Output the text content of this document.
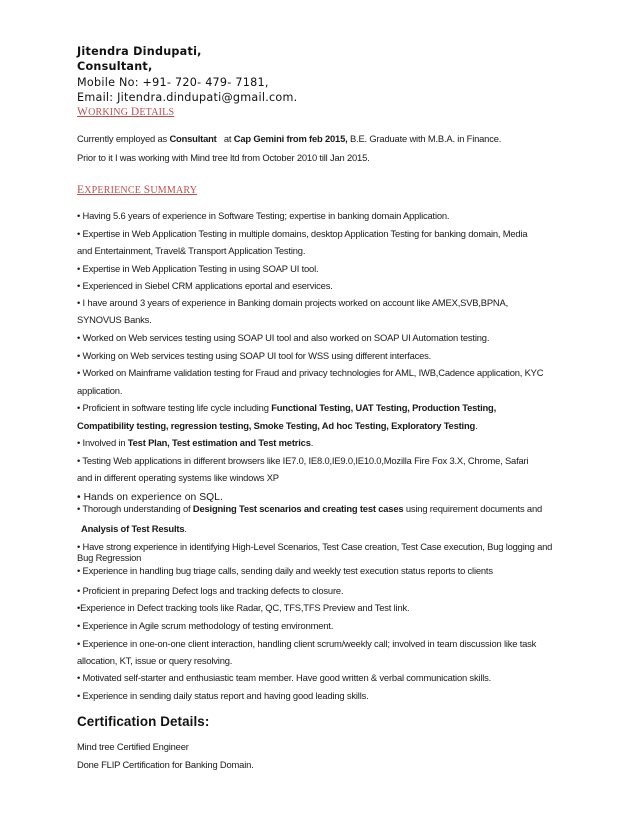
Jitendra Dindupati,
Consultant,
Mobile No: +91- 720- 479- 7181,
Email: Jitendra.dindupati@gmail.com.
WORKING DETAILS
Currently employed as Consultant   at Cap Gemini from feb 2015, B.E. Graduate with M.B.A. in Finance.
Prior to it I was working with Mind tree ltd from October 2010 till Jan 2015.
EXPERIENCE SUMMARY
• Having 5.6 years of experience in Software Testing; expertise in banking domain Application.
• Expertise in Web Application Testing in multiple domains, desktop Application Testing for banking domain, Media
and Entertainment, Travel& Transport Application Testing.
• Expertise in Web Application Testing in using SOAP UI tool.
• Experienced in Siebel CRM applications eportal and eservices.
• I have around 3 years of experience in Banking domain projects worked on account like AMEX,SVB,BPNA,
SYNOVUS Banks.
• Worked on Web services testing using SOAP UI tool and also worked on SOAP UI Automation testing.
• Working on Web services testing using SOAP UI tool for WSS using different interfaces.
• Worked on Mainframe validation testing for Fraud and privacy technologies for AML, IWB,Cadence application, KYC
application.
• Proficient in software testing life cycle including Functional Testing, UAT Testing, Production Testing,
Compatibility testing, regression testing, Smoke Testing, Ad hoc Testing, Exploratory Testing.
• Involved in Test Plan, Test estimation and Test metrics.
• Testing Web applications in different browsers like IE7.0, IE8.0,IE9.0,IE10.0,Mozilla Fire Fox 3.X, Chrome, Safari
and in different operating systems like windows XP
• Hands on experience on SQL.
• Thorough understanding of Designing Test scenarios and creating test cases using requirement documents and
Analysis of Test Results.
• Have strong experience in identifying High-Level Scenarios, Test Case creation, Test Case execution, Bug logging and Bug Regression
• Experience in handling bug triage calls, sending daily and weekly test execution status reports to clients
• Proficient in preparing Defect logs and tracking defects to closure.
•Experience in Defect tracking tools like Radar, QC, TFS,TFS Preview and Test link.
• Experience in Agile scrum methodology of testing environment.
• Experience in one-on-one client interaction, handling client scrum/weekly call; involved in team discussion like task
allocation, KT, issue or query resolving.
• Motivated self-starter and enthusiastic team member. Have good written & verbal communication skills.
• Experience in sending daily status report and having good leading skills.
Certification Details:
Mind tree Certified Engineer
Done FLIP Certification for Banking Domain.
